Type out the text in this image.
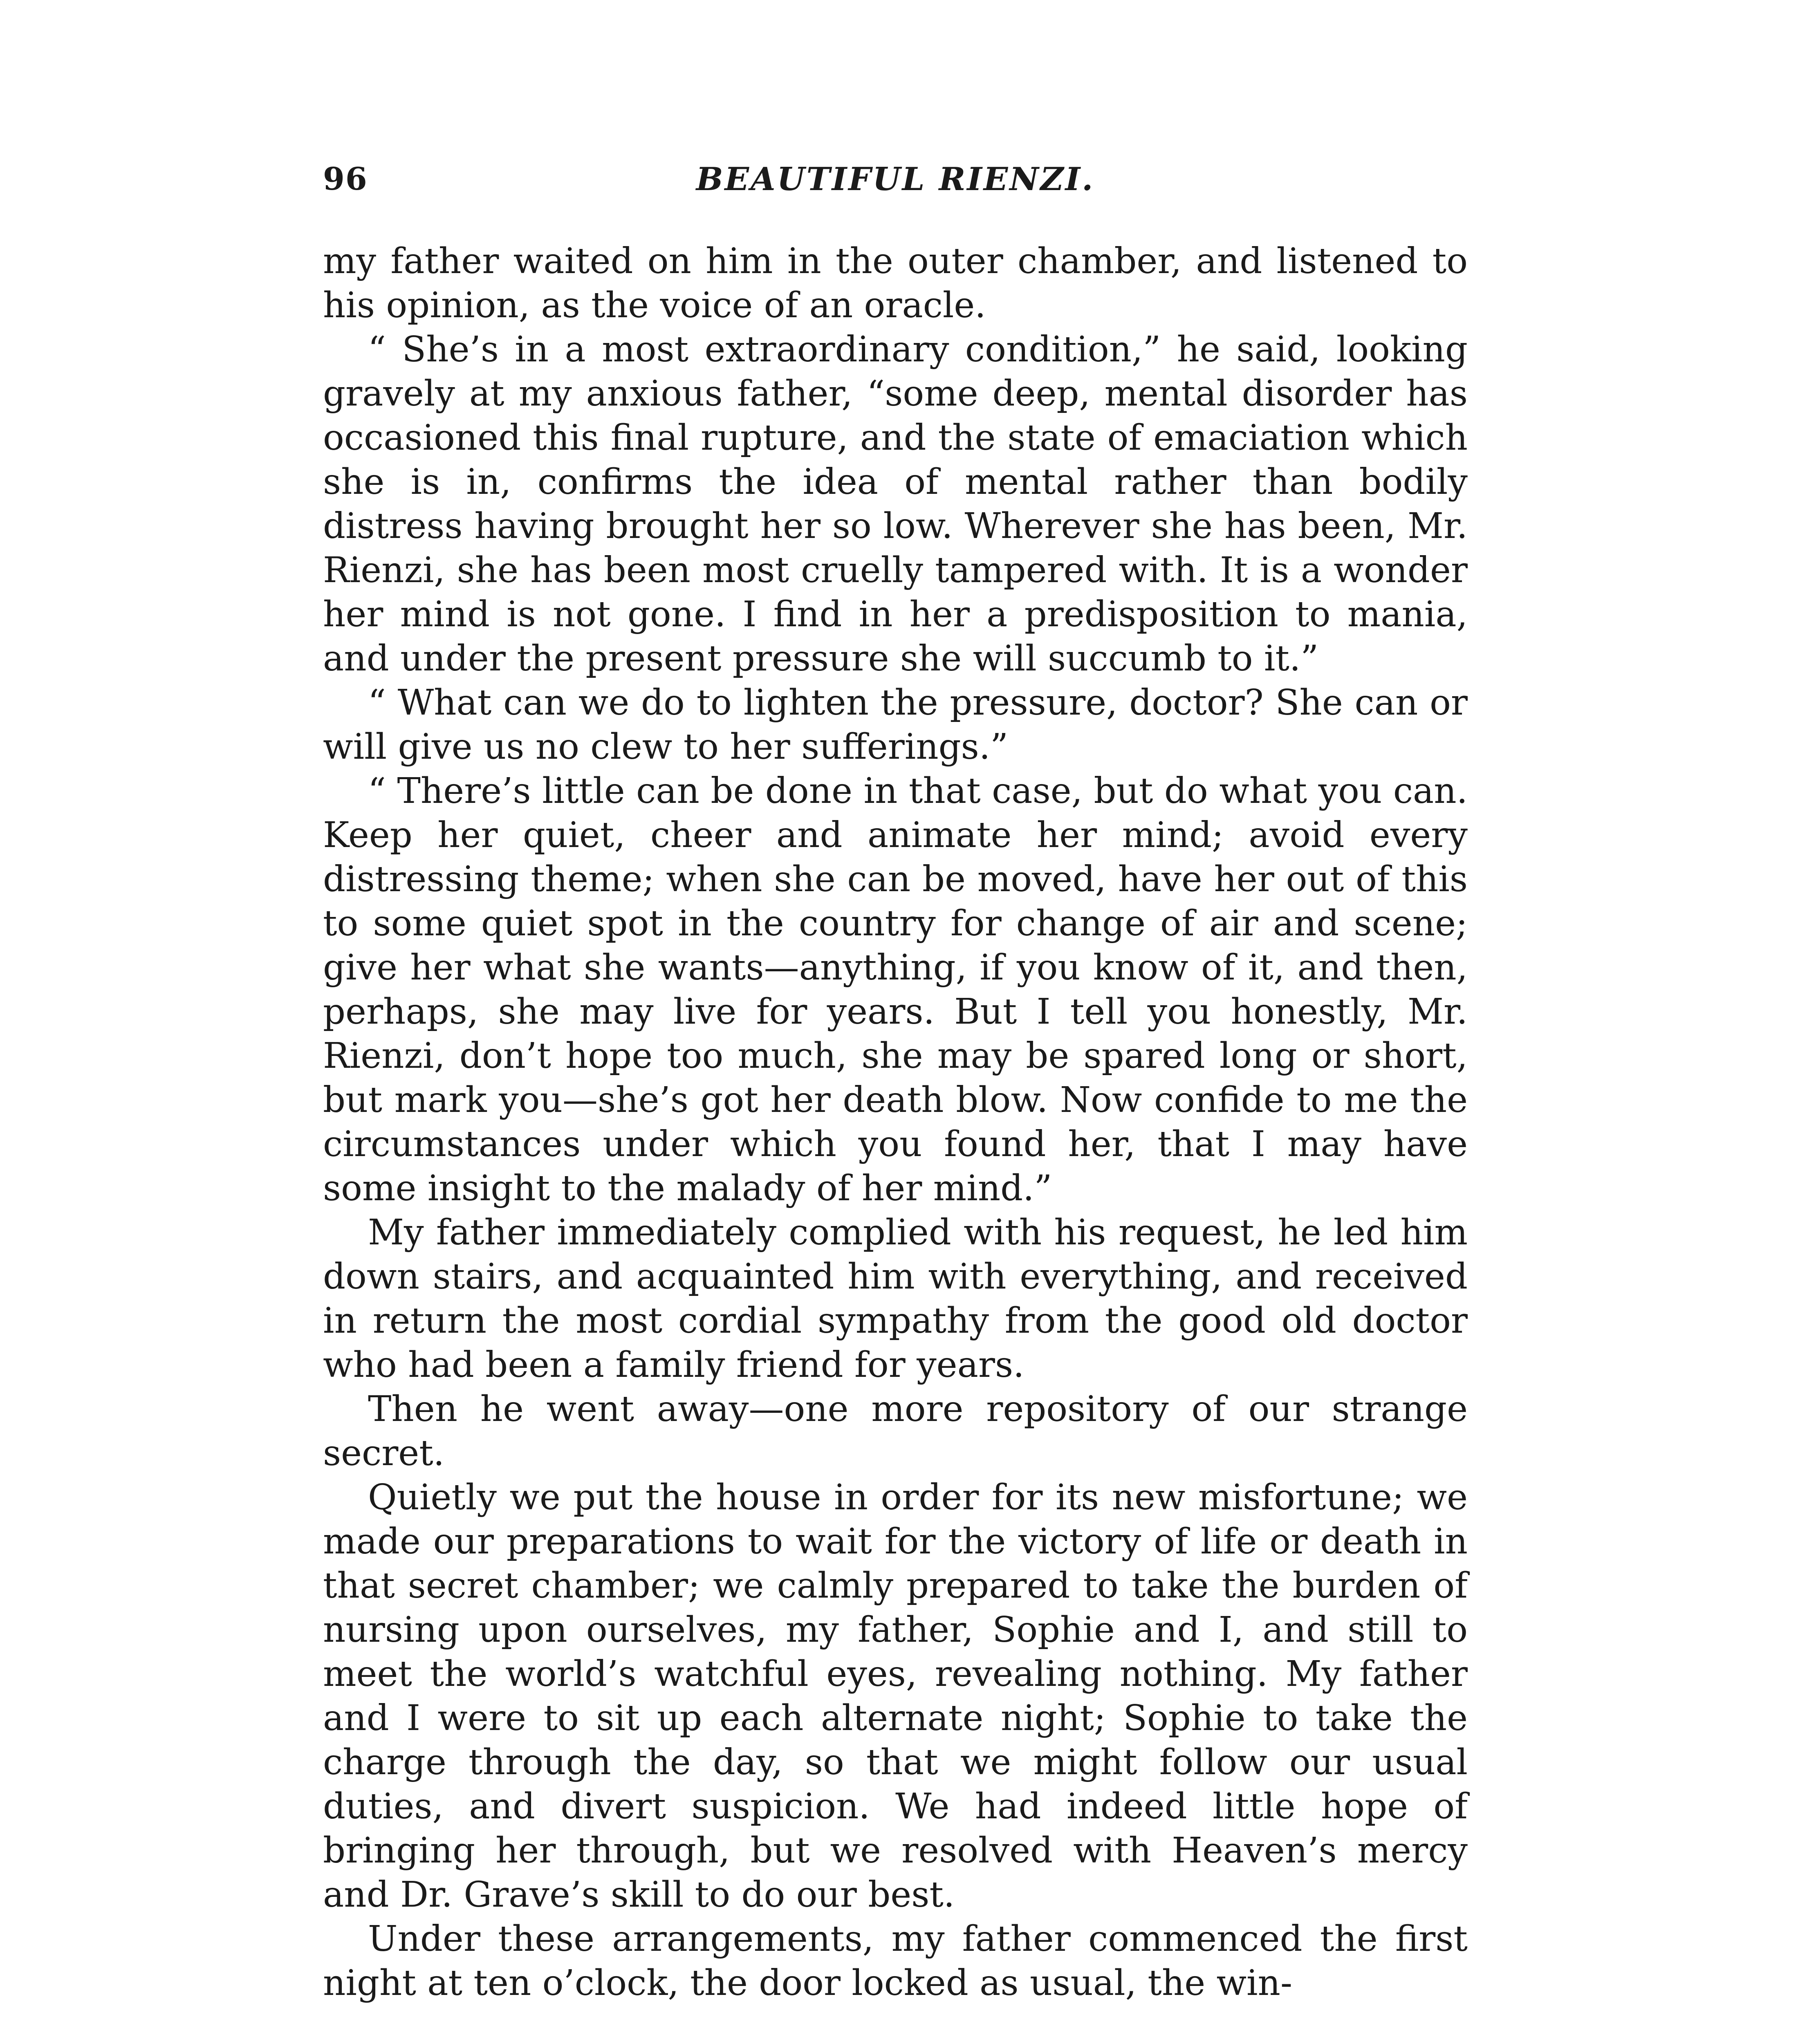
96	BEAUTIFUL RIENZI.

my father waited on him in the outer chamber, and listened to his opinion, as the voice of an oracle.

“ She’s in a most extraordinary condition,” he said, looking gravely at my anxious father, “some deep, mental disorder has occasioned this final rupture, and the state of emaciation which she is in, confirms the idea of mental rather than bodily distress having brought her so low. Wherever she has been, Mr. Rienzi, she has been most cruelly tampered with. It is a wonder her mind is not gone. I find in her a predisposition to mania, and under the present pressure she will succumb to it.”

“ What can we do to lighten the pressure, doctor? She can or will give us no clew to her sufferings.”

“ There’s little can be done in that case, but do what you can. Keep her quiet, cheer and animate her mind; avoid every distressing theme; when she can be moved, have her out of this to some quiet spot in the country for change of air and scene; give her what she wants—anything, if you know of it, and then, perhaps, she may live for years. But I tell you honestly, Mr. Rienzi, don’t hope too much, she may be spared long or short, but mark you—she’s got her death blow. Now confide to me the circumstances under which you found her, that I may have some insight to the malady of her mind.”

My father immediately complied with his request, he led him down stairs, and acquainted him with everything, and received in return the most cordial sympathy from the good old doctor who had been a family friend for years.

Then he went away—one more repository of our strange secret.

Quietly we put the house in order for its new misfortune; we made our preparations to wait for the victory of life or death in that secret chamber; we calmly prepared to take the burden of nursing upon ourselves, my father, Sophie and I, and still to meet the world’s watchful eyes, revealing nothing. My father and I were to sit up each alternate night; Sophie to take the charge through the day, so that we might follow our usual duties, and divert suspicion. We had indeed little hope of bringing her through, but we resolved with Heaven’s mercy and Dr. Grave’s skill to do our best.

Under these arrangements, my father commenced the first night at ten o’clock, the door locked as usual, the win-
